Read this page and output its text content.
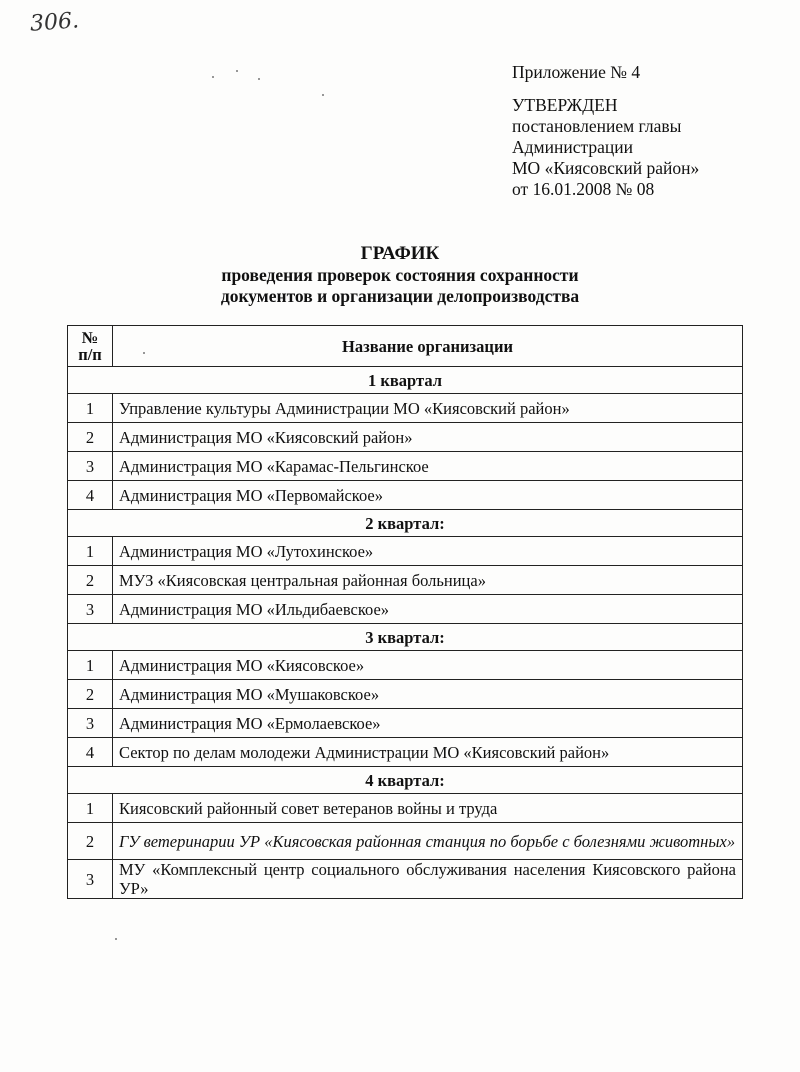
306.
Приложение № 4
УТВЕРЖДЕН
постановлением главы
Администрации
МО «Киясовский район»
от 16.01.2008 № 08
ГРАФИК
проведения проверок состояния сохранности
документов и организации делопроизводства
№
п/п	Название организации
1 квартал	
1	Управление культуры Администрации МО «Киясовский район»
2	Администрация МО «Киясовский район»
3	Администрация МО «Карамас-Пельгинское
4	Администрация МО «Первомайское»
2 квартал:	
1	Администрация МО «Лутохинское»
2	МУЗ «Киясовская центральная районная больница»
3	Администрация МО «Ильдибаевское»
3 квартал:	
1	Администрация МО «Киясовское»
2	Администрация МО «Мушаковское»
3	Администрация МО «Ермолаевское»
4	Сектор по делам молодежи Администрации МО «Киясовский район»
4 квартал:	
1	Киясовский районный совет ветеранов войны и труда
2	ГУ ветеринарии УР «Киясовская районная станция по борьбе с болезнями животных»
3	МУ «Комплексный центр социального обслуживания населения Киясовского района УР»
